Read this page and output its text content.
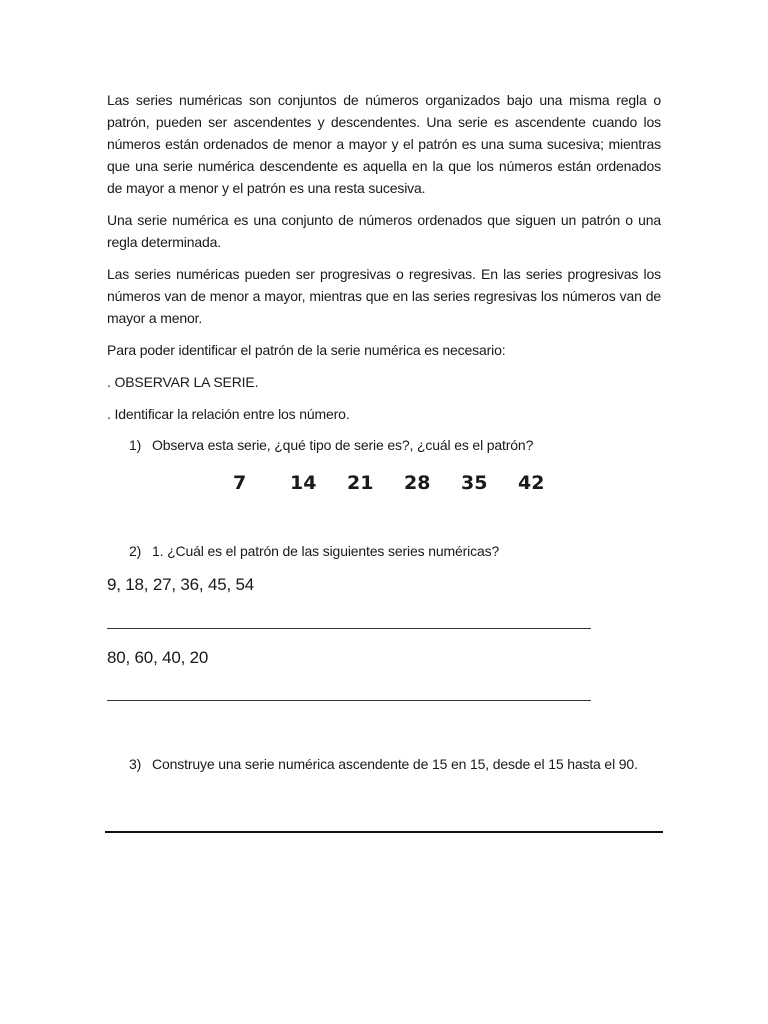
Las series numéricas son conjuntos de números organizados bajo una misma regla o patrón, pueden ser ascendentes y descendentes. Una serie es ascendente cuando los números están ordenados de menor a mayor y el patrón es una suma sucesiva; mientras que una serie numérica descendente es aquella en la que los números están ordenados de mayor a menor y el patrón es una resta sucesiva.

Una serie numérica es una conjunto de números ordenados que siguen un patrón o una regla determinada.

Las series numéricas pueden ser progresivas o regresivas. En las series progresivas los números van de menor a mayor, mientras que en las series regresivas los números van de mayor a menor.

Para poder identificar el patrón de la serie numérica es necesario:

. OBSERVAR LA SERIE.

. Identificar la relación entre los número.

1) Observa esta serie, ¿qué tipo de serie es?, ¿cuál es el patrón?

7	14	21	28	35	42

2) 1. ¿Cuál es el patrón de las siguientes series numéricas?

9, 18, 27, 36, 45, 54
80, 60, 40, 20

3) Construye una serie numérica ascendente de 15 en 15, desde el 15 hasta el 90.
